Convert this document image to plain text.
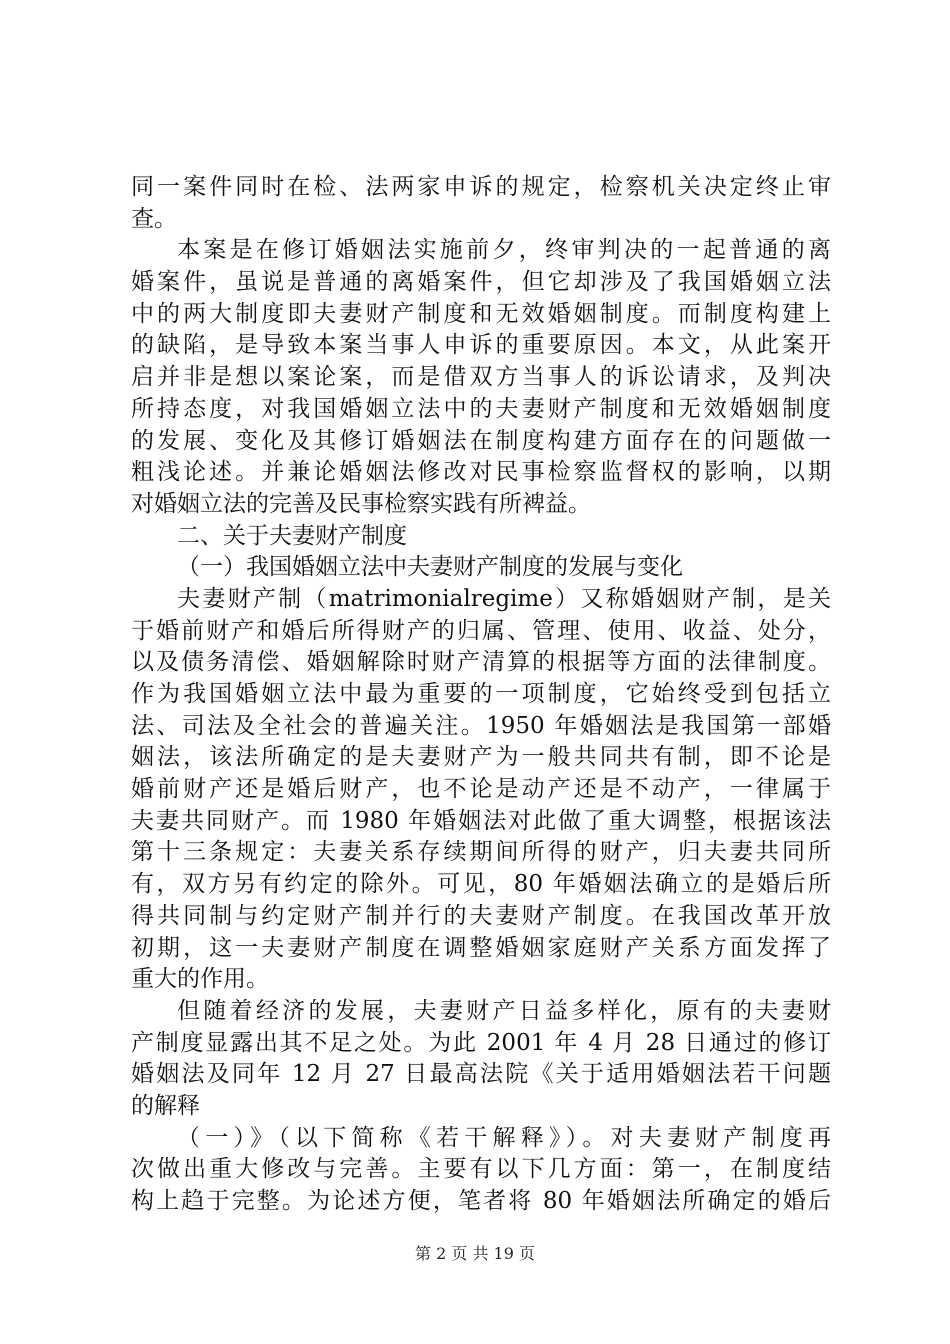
同一案件同时在检、法两家申诉的规定，检察机关决定终止审
查。
本案是在修订婚姻法实施前夕，终审判决的一起普通的离
婚案件，虽说是普通的离婚案件，但它却涉及了我国婚姻立法
中的两大制度即夫妻财产制度和无效婚姻制度。而制度构建上
的缺陷，是导致本案当事人申诉的重要原因。本文，从此案开
启并非是想以案论案，而是借双方当事人的诉讼请求，及判决
所持态度，对我国婚姻立法中的夫妻财产制度和无效婚姻制度
的发展、变化及其修订婚姻法在制度构建方面存在的问题做一
粗浅论述。并兼论婚姻法修改对民事检察监督权的影响，以期
对婚姻立法的完善及民事检察实践有所裨益。
二、关于夫妻财产制度
（一）我国婚姻立法中夫妻财产制度的发展与变化
夫妻财产制（matrimonialregime）又称婚姻财产制，是关
于婚前财产和婚后所得财产的归属、管理、使用、收益、处分，
以及债务清偿、婚姻解除时财产清算的根据等方面的法律制度。
作为我国婚姻立法中最为重要的一项制度，它始终受到包括立
法、司法及全社会的普遍关注。1950 年婚姻法是我国第一部婚
姻法，该法所确定的是夫妻财产为一般共同共有制，即不论是
婚前财产还是婚后财产，也不论是动产还是不动产，一律属于
夫妻共同财产。而 1980 年婚姻法对此做了重大调整，根据该法
第十三条规定：夫妻关系存续期间所得的财产，归夫妻共同所
有，双方另有约定的除外。可见，80 年婚姻法确立的是婚后所
得共同制与约定财产制并行的夫妻财产制度。在我国改革开放
初期，这一夫妻财产制度在调整婚姻家庭财产关系方面发挥了
重大的作用。
但随着经济的发展，夫妻财产日益多样化，原有的夫妻财
产制度显露出其不足之处。为此 2001 年 4 月 28 日通过的修订
婚姻法及同年 12 月 27 日最高法院《关于适用婚姻法若干问题
的解释
（一）》（以下简称《若干解释》）。对夫妻财产制度再
次做出重大修改与完善。主要有以下几方面：第一，在制度结
构上趋于完整。为论述方便，笔者将 80 年婚姻法所确定的婚后
第 2 页 共 19 页
